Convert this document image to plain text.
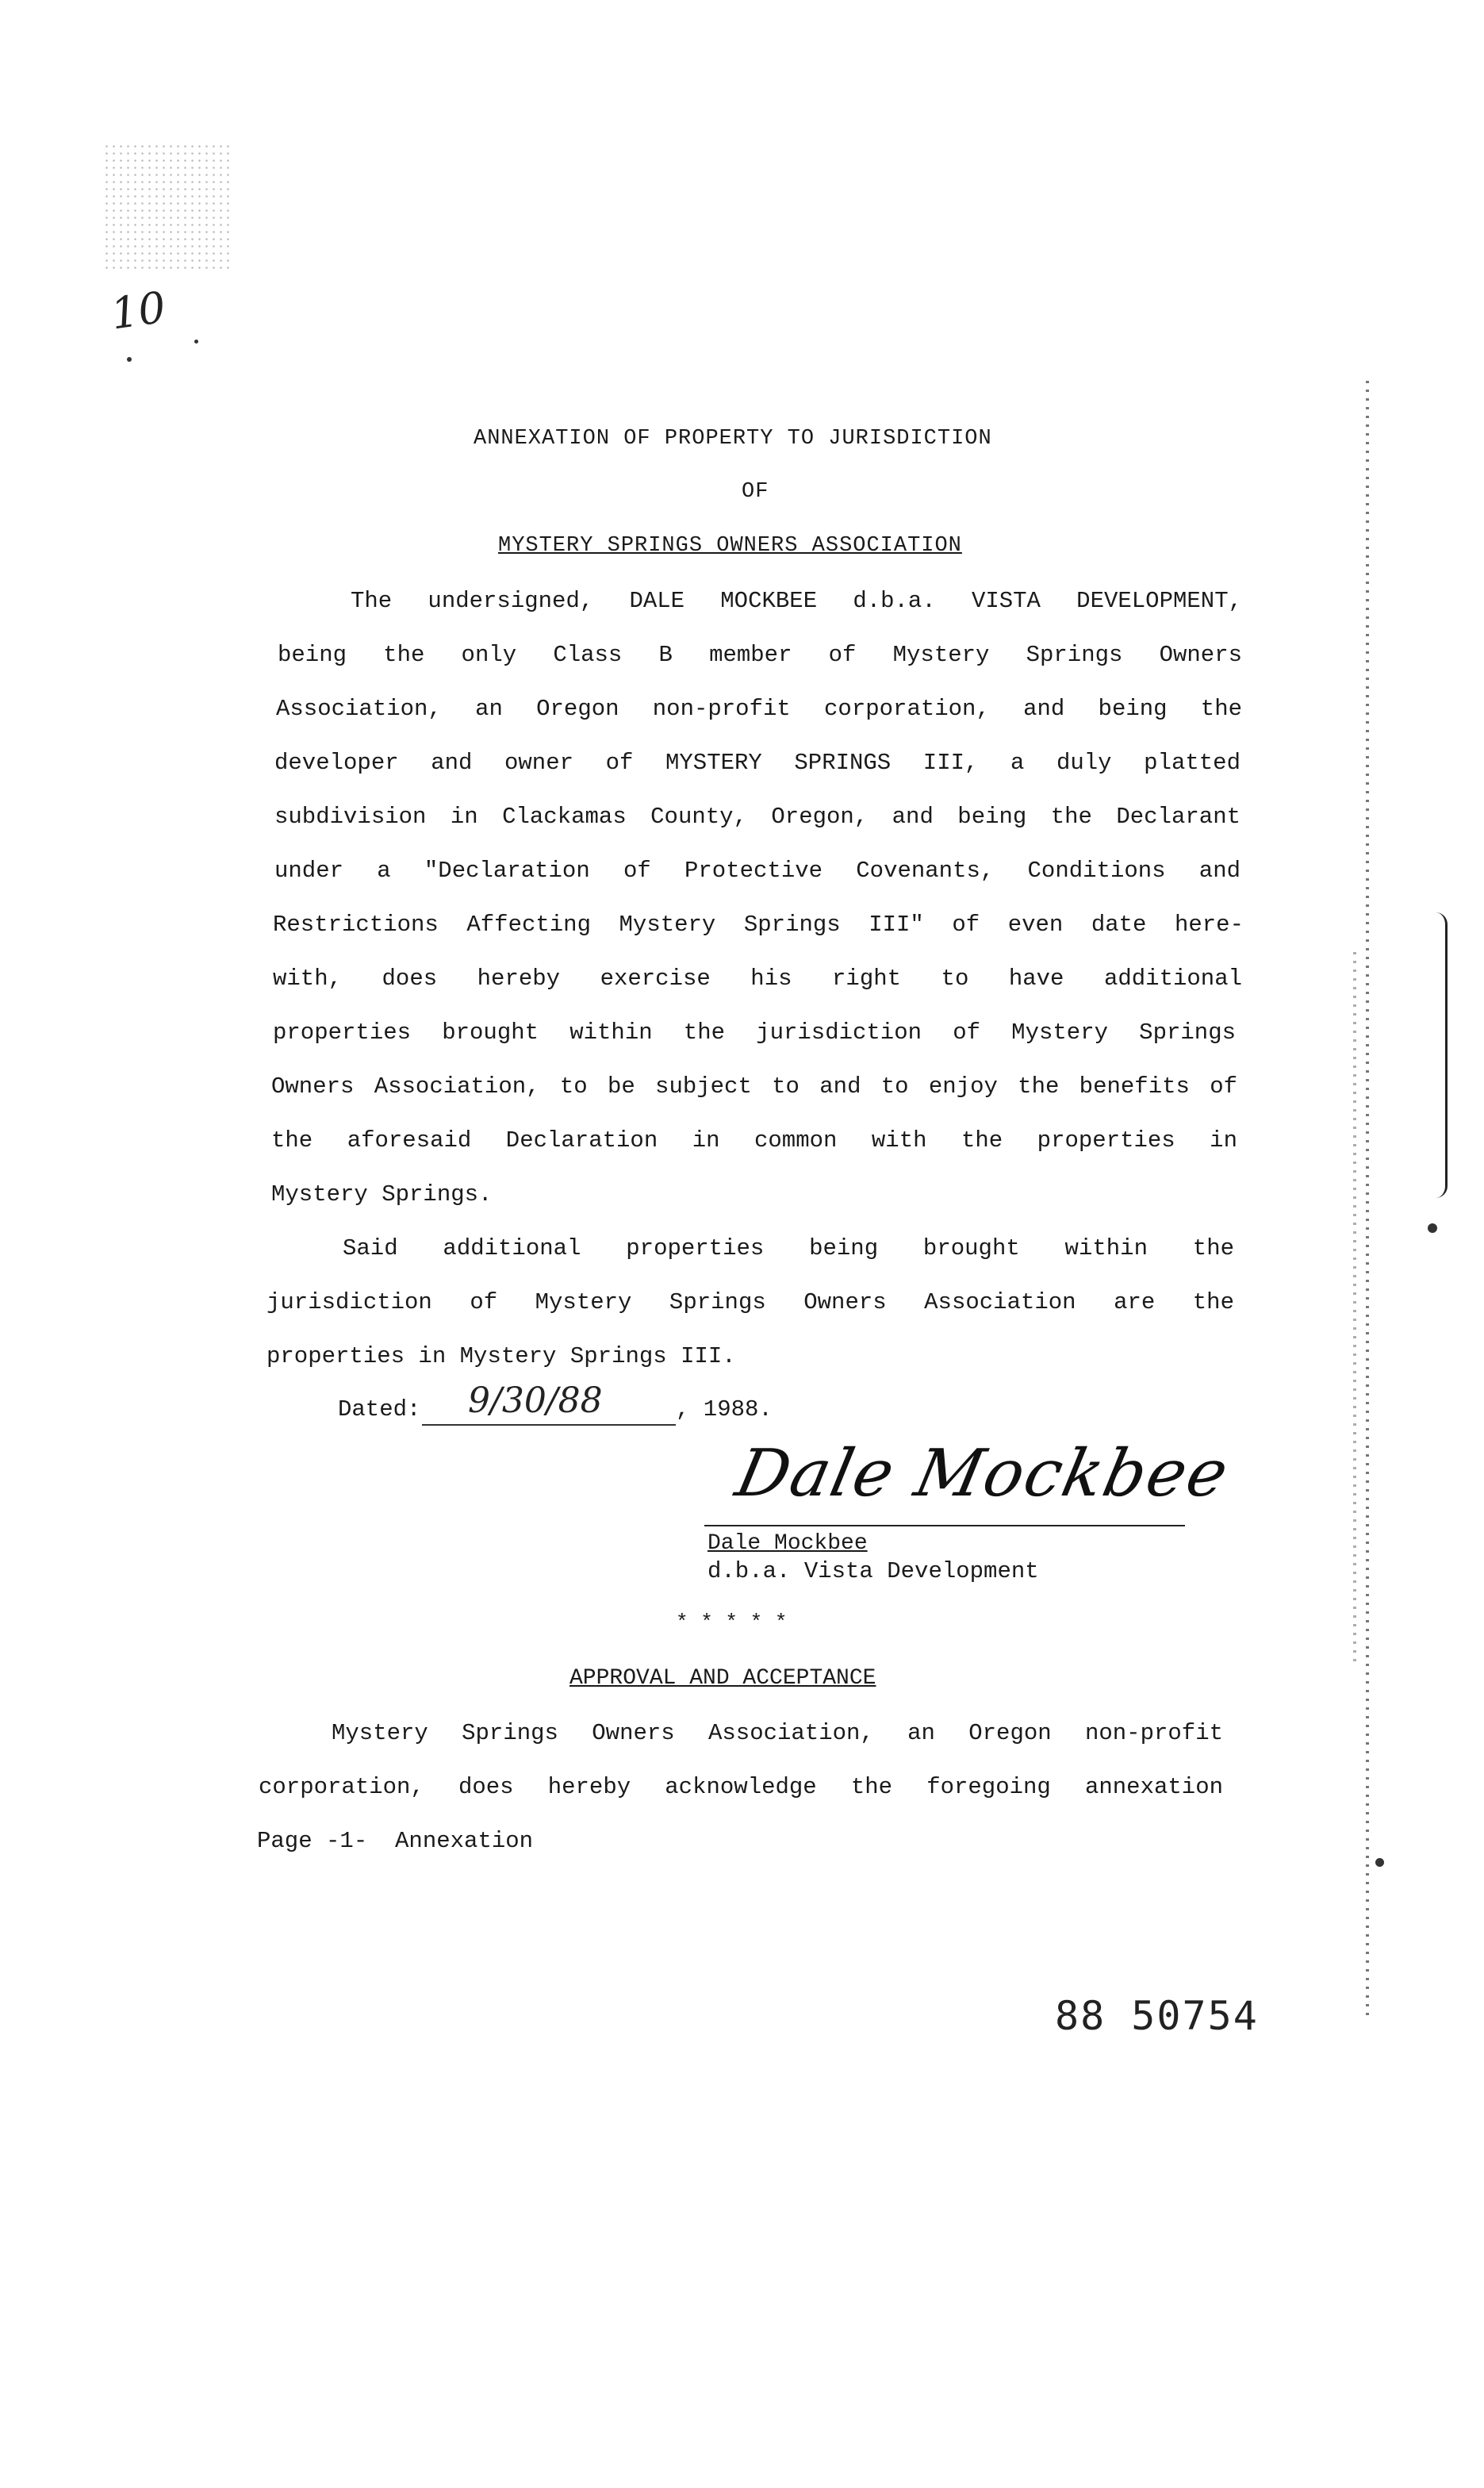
10
ANNEXATION OF PROPERTY TO JURISDICTION
OF
MYSTERY SPRINGS OWNERS ASSOCIATION
The undersigned, DALE MOCKBEE d.b.a. VISTA DEVELOPMENT,
being the only Class B member of Mystery Springs Owners
Association, an Oregon non-profit corporation, and being the
developer and owner of MYSTERY SPRINGS III, a duly platted
subdivision in Clackamas County, Oregon, and being the Declarant
under a "Declaration of Protective Covenants, Conditions and
Restrictions Affecting Mystery Springs III" of even date here-
with, does hereby exercise his right to have additional
properties brought within the jurisdiction of Mystery Springs
Owners Association, to be subject to and to enjoy the benefits of
the aforesaid Declaration in common with the properties in
Mystery Springs.
Said additional properties being brought within the
jurisdiction of Mystery Springs Owners Association are the
properties in Mystery Springs III.
Dated: 9/30/88	, 1988.
Dale Mockbee
Dale Mockbee
d.b.a. Vista Development
* * * * *
APPROVAL AND ACCEPTANCE
Mystery Springs Owners Association, an Oregon non-profit
corporation, does hereby acknowledge the foregoing annexation
Page -1-  Annexation
88 50754
